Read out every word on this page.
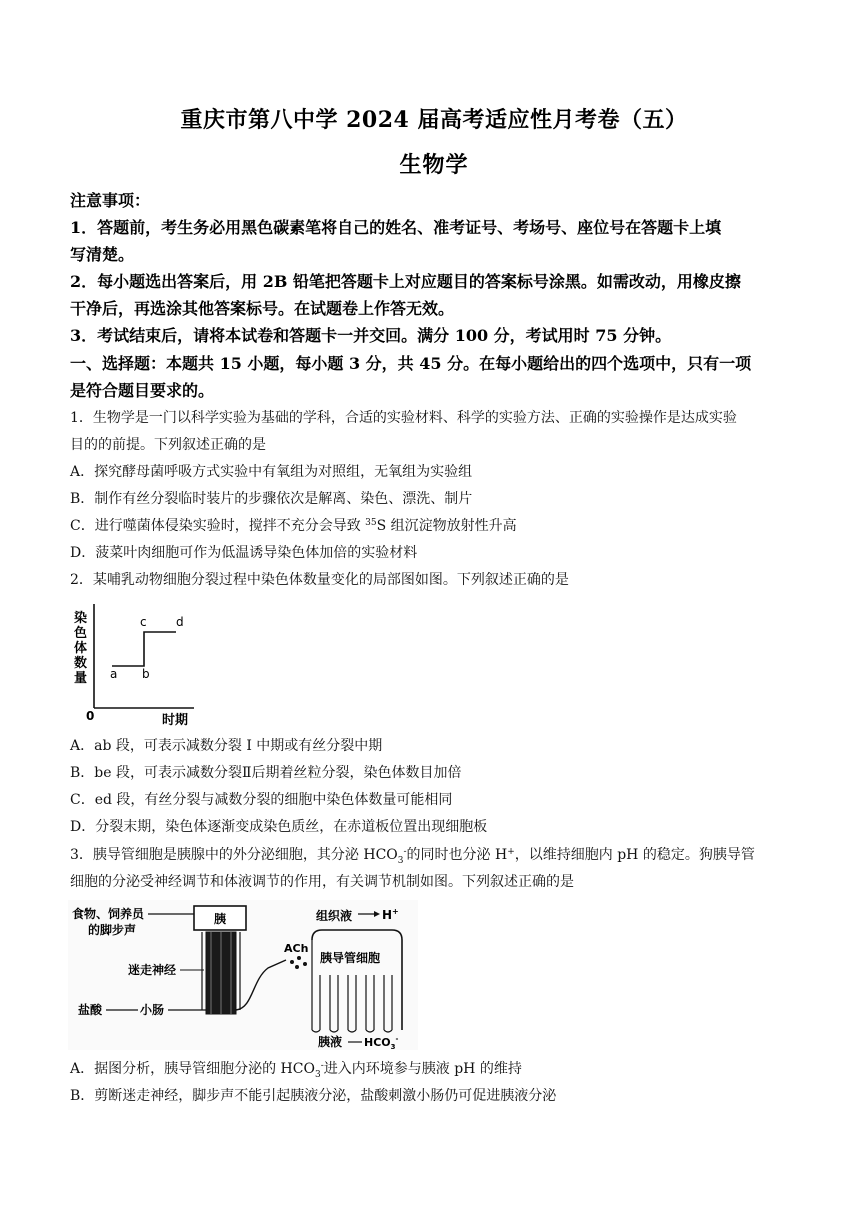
重庆市第八中学 2024 届高考适应性月考卷（五）
生物学
注意事项：
1．答题前，考生务必用黑色碳素笔将自己的姓名、准考证号、考场号、座位号在答题卡上填
写清楚。
2．每小题选出答案后，用 2B 铅笔把答题卡上对应题目的答案标号涂黑。如需改动，用橡皮擦
干净后，再选涂其他答案标号。在试题卷上作答无效。
3．考试结束后，请将本试卷和答题卡一并交回。满分 100 分，考试用时 75 分钟。
一、选择题：本题共 15 小题，每小题 3 分，共 45 分。在每小题给出的四个选项中，只有一项
是符合题目要求的。
1．生物学是一门以科学实验为基础的学科，合适的实验材料、科学的实验方法、正确的实验操作是达成实验
目的的前提。下列叙述正确的是
A．探究酵母菌呼吸方式实验中有氧组为对照组，无氧组为实验组
B．制作有丝分裂临时装片的步骤依次是解离、染色、漂洗、制片
C．进行噬菌体侵染实验时，搅拌不充分会导致 $^{35}$S 组沉淀物放射性升高
D．菠菜叶肉细胞可作为低温诱导染色体加倍的实验材料
2．某哺乳动物细胞分裂过程中染色体数量变化的局部图如图。下列叙述正确的是
染
色
体
数
量
0	时期
a b
c d
A．ab 段，可表示减数分裂 I 中期或有丝分裂中期
B．be 段，可表示减数分裂Ⅱ后期着丝粒分裂，染色体数目加倍
C．ed 段，有丝分裂与减数分裂的细胞中染色体数量可能相同
D．分裂末期，染色体逐渐变成染色质丝，在赤道板位置出现细胞板
3．胰导管细胞是胰腺中的外分泌细胞，其分泌 $HCO_3^-$的同时也分泌 H+，以维持细胞内 pH 的稳定。狗胰导管
细胞的分泌受神经调节和体液调节的作用，有关调节机制如图。下列叙述正确的是
食物、饲养员
的脚步声
胰
迷走神经
盐酸	小肠
ACh
组织液 H+
胰导管细胞
胰液 $HCO_3^-$
A．据图分析，胰导管细胞分泌的 $HCO_3^-$进入内环境参与胰液 pH 的维持
B．剪断迷走神经，脚步声不能引起胰液分泌，盐酸刺激小肠仍可促进胰液分泌
